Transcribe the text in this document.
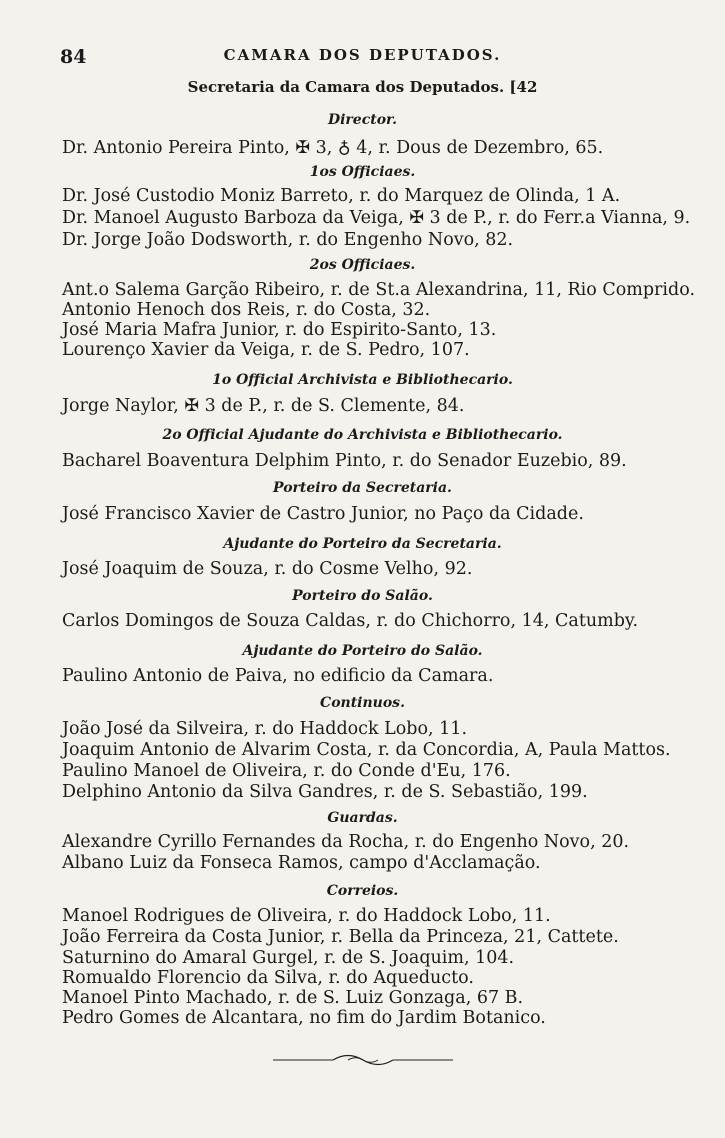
84	CAMARA DOS DEPUTADOS.
Secretaria da Camara dos Deputados. [42
Director.
Dr. Antonio Pereira Pinto, ✠ 3, ♁ 4, r. Dous de Dezembro, 65.
1os Officiaes.
Dr. José Custodio Moniz Barreto, r. do Marquez de Olinda, 1 A.
Dr. Manoel Augusto Barboza da Veiga, ✠ 3 de P., r. do Ferr.a Vianna, 9.
Dr. Jorge João Dodsworth, r. do Engenho Novo, 82.
2os Officiaes.
Ant.o Salema Garção Ribeiro, r. de St.a Alexandrina, 11, Rio Comprido.
Antonio Henoch dos Reis, r. do Costa, 32.
José Maria Mafra Junior, r. do Espirito-Santo, 13.
Lourenço Xavier da Veiga, r. de S. Pedro, 107.
1o Official Archivista e Bibliothecario.
Jorge Naylor, ✠ 3 de P., r. de S. Clemente, 84.
2o Official Ajudante do Archivista e Bibliothecario.
Bacharel Boaventura Delphim Pinto, r. do Senador Euzebio, 89.
Porteiro da Secretaria.
José Francisco Xavier de Castro Junior, no Paço da Cidade.
Ajudante do Porteiro da Secretaria.
José Joaquim de Souza, r. do Cosme Velho, 92.
Porteiro do Salão.
Carlos Domingos de Souza Caldas, r. do Chichorro, 14, Catumby.
Ajudante do Porteiro do Salão.
Paulino Antonio de Paiva, no edificio da Camara.
Continuos.
João José da Silveira, r. do Haddock Lobo, 11.
Joaquim Antonio de Alvarim Costa, r. da Concordia, A, Paula Mattos.
Paulino Manoel de Oliveira, r. do Conde d'Eu, 176.
Delphino Antonio da Silva Gandres, r. de S. Sebastião, 199.
Guardas.
Alexandre Cyrillo Fernandes da Rocha, r. do Engenho Novo, 20.
Albano Luiz da Fonseca Ramos, campo d'Acclamação.
Correios.
Manoel Rodrigues de Oliveira, r. do Haddock Lobo, 11.
João Ferreira da Costa Junior, r. Bella da Princeza, 21, Cattete.
Saturnino do Amaral Gurgel, r. de S. Joaquim, 104.
Romualdo Florencio da Silva, r. do Aqueducto.
Manoel Pinto Machado, r. de S. Luiz Gonzaga, 67 B.
Pedro Gomes de Alcantara, no fim do Jardim Botanico.
